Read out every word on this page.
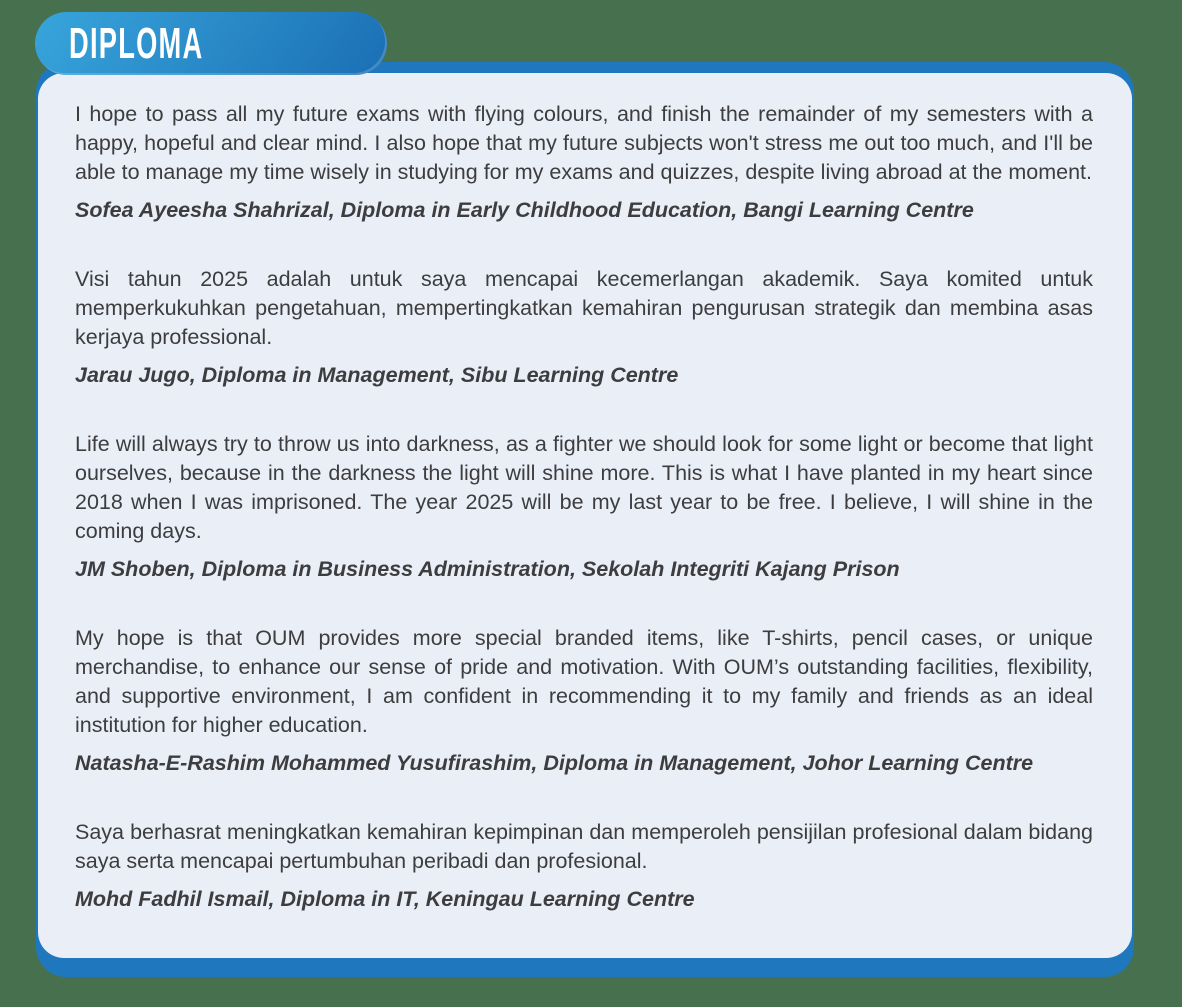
I hope to pass all my future exams with flying colours, and finish the remainder of my semesters with a happy, hopeful and clear mind. I also hope that my future subjects won't stress me out too much, and I'll be able to manage my time wisely in studying for my exams and quizzes, despite living abroad at the moment.

Sofea Ayeesha Shahrizal, Diploma in Early Childhood Education, Bangi Learning Centre

Visi tahun 2025 adalah untuk saya mencapai kecemerlangan akademik. Saya komited untuk memperkukuhkan pengetahuan, mempertingkatkan kemahiran pengurusan strategik dan membina asas kerjaya professional.

Jarau Jugo, Diploma in Management, Sibu Learning Centre

Life will always try to throw us into darkness, as a fighter we should look for some light or become that light ourselves, because in the darkness the light will shine more. This is what I have planted in my heart since 2018 when I was imprisoned. The year 2025 will be my last year to be free. I believe, I will shine in the coming days.

JM Shoben, Diploma in Business Administration, Sekolah Integriti Kajang Prison

My hope is that OUM provides more special branded items, like T-shirts, pencil cases, or unique merchandise, to enhance our sense of pride and motivation. With OUM’s outstanding facilities, flexibility, and supportive environment, I am confident in recommending it to my family and friends as an ideal institution for higher education.

Natasha-E-Rashim Mohammed Yusufirashim, Diploma in Management, Johor Learning Centre

Saya berhasrat meningkatkan kemahiran kepimpinan dan memperoleh pensijilan profesional dalam bidang saya serta mencapai pertumbuhan peribadi dan profesional.

Mohd Fadhil Ismail, Diploma in IT, Keningau Learning Centre

DIPLOMA
